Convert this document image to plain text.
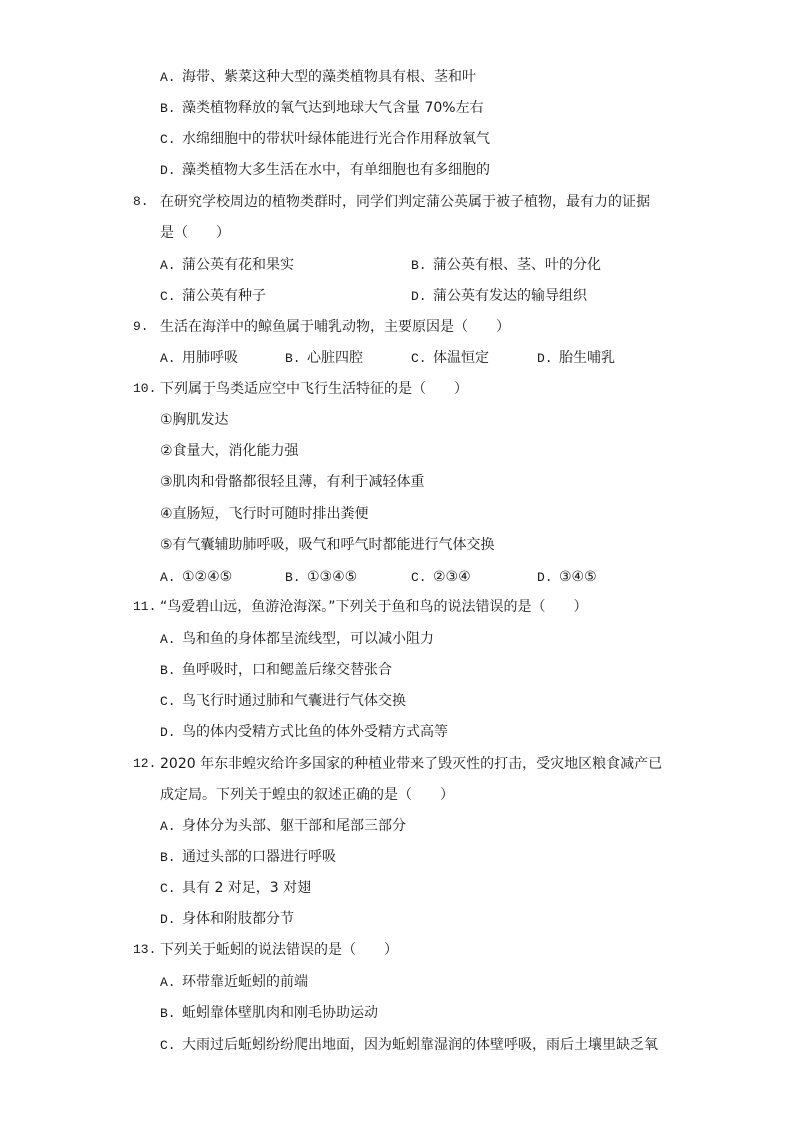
A. 海带、紫菜这种大型的藻类植物具有根、茎和叶
B. 藻类植物释放的氧气达到地球大气含量 70%左右
C. 水绵细胞中的带状叶绿体能进行光合作用释放氧气
D. 藻类植物大多生活在水中，有单细胞也有多细胞的
8. 在研究学校周边的植物类群时，同学们判定蒲公英属于被子植物，最有力的证据
是（　　）
A. 蒲公英有花和果实	B. 蒲公英有根、茎、叶的分化
C. 蒲公英有种子	D. 蒲公英有发达的输导组织
9. 生活在海洋中的鲸鱼属于哺乳动物，主要原因是（　　）
A. 用肺呼吸	B. 心脏四腔	C. 体温恒定	D. 胎生哺乳
10. 下列属于鸟类适应空中飞行生活特征的是（　　）
①胸肌发达
②食量大，消化能力强
③肌肉和骨骼都很轻且薄，有利于减轻体重
④直肠短，飞行时可随时排出粪便
⑤有气囊辅助肺呼吸，吸气和呼气时都能进行气体交换
A. ①②④⑤	B. ①③④⑤	C. ②③④	D. ③④⑤
11. “鸟爱碧山远，鱼游沧海深。”下列关于鱼和鸟的说法错误的是（　　）
A. 鸟和鱼的身体都呈流线型，可以减小阻力
B. 鱼呼吸时，口和鳃盖后缘交替张合
C. 鸟飞行时通过肺和气囊进行气体交换
D. 鸟的体内受精方式比鱼的体外受精方式高等
12. 2020 年东非蝗灾给许多国家的种植业带来了毁灭性的打击，受灾地区粮食减产已
成定局。下列关于蝗虫的叙述正确的是（　　）
A. 身体分为头部、躯干部和尾部三部分
B. 通过头部的口器进行呼吸
C. 具有 2 对足，3 对翅
D. 身体和附肢都分节
13. 下列关于蚯蚓的说法错误的是（　　）
A. 环带靠近蚯蚓的前端
B. 蚯蚓靠体壁肌肉和刚毛协助运动
C. 大雨过后蚯蚓纷纷爬出地面，因为蚯蚓靠湿润的体壁呼吸，雨后土壤里缺乏氧
